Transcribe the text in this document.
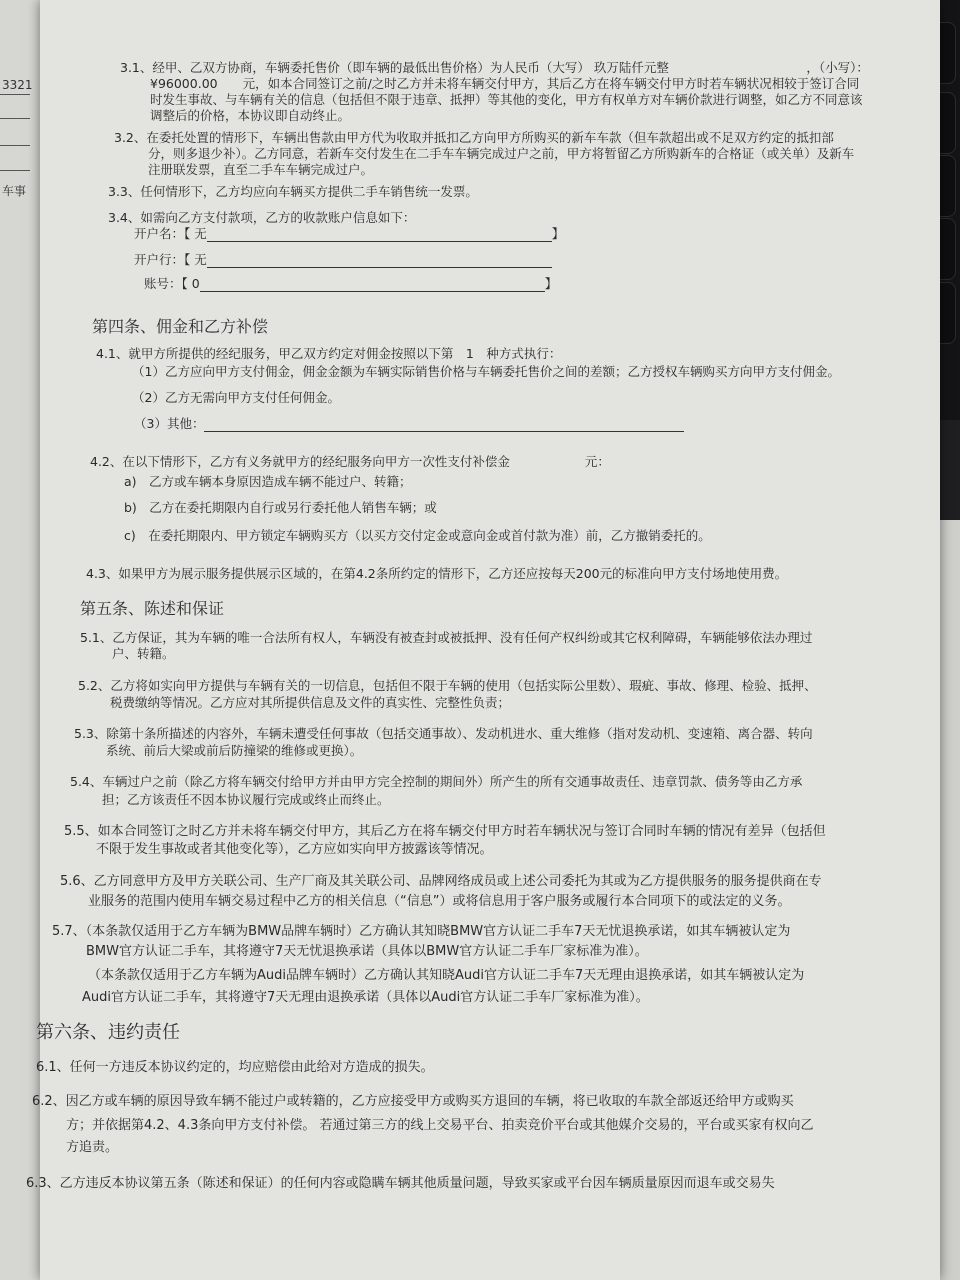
3321
车事
3.1、经甲、乙双方协商，车辆委托售价（即车辆的最低出售价格）为人民币（大写） 玖万陆仟元整　　　　　　　　　　　，（小写）：
¥96000.00　　元，如本合同签订之前/之时乙方并未将车辆交付甲方，其后乙方在将车辆交付甲方时若车辆状况相较于签订合同
时发生事故、与车辆有关的信息（包括但不限于违章、抵押）等其他的变化，甲方有权单方对车辆价款进行调整，如乙方不同意该
调整后的价格，本协议即自动终止。
3.2、在委托处置的情形下，车辆出售款由甲方代为收取并抵扣乙方向甲方所购买的新车车款（但车款超出或不足双方约定的抵扣部
分，则多退少补）。乙方同意，若新车交付发生在二手车车辆完成过户之前，甲方将暂留乙方所购新车的合格证（或关单）及新车
注册联发票，直至二手车车辆完成过户。
3.3、任何情形下，乙方均应向车辆买方提供二手车销售统一发票。
3.4、如需向乙方支付款项，乙方的收款账户信息如下：
开户名：【 无	】
开户行：【 无
账号：【 0	】
第四条、佣金和乙方补偿
4.1、就甲方所提供的经纪服务，甲乙双方约定对佣金按照以下第　1　种方式执行：
（1）乙方应向甲方支付佣金，佣金金额为车辆实际销售价格与车辆委托售价之间的差额；乙方授权车辆购买方向甲方支付佣金。
（2）乙方无需向甲方支付任何佣金。
（3）其他：
4.2、在以下情形下，乙方有义务就甲方的经纪服务向甲方一次性支付补偿金　　　　　　元：
a)　乙方或车辆本身原因造成车辆不能过户、转籍；
b)　乙方在委托期限内自行或另行委托他人销售车辆；或
c)　在委托期限内、甲方锁定车辆购买方（以买方交付定金或意向金或首付款为准）前，乙方撤销委托的。
4.3、如果甲方为展示服务提供展示区域的，在第4.2条所约定的情形下，乙方还应按每天200元的标准向甲方支付场地使用费。
第五条、陈述和保证
5.1、乙方保证，其为车辆的唯一合法所有权人，车辆没有被查封或被抵押、没有任何产权纠纷或其它权利障碍，车辆能够依法办理过
户、转籍。
5.2、乙方将如实向甲方提供与车辆有关的一切信息，包括但不限于车辆的使用（包括实际公里数）、瑕疵、事故、修理、检验、抵押、
税费缴纳等情况。乙方应对其所提供信息及文件的真实性、完整性负责；
5.3、除第十条所描述的内容外，车辆未遭受任何事故（包括交通事故）、发动机进水、重大维修（指对发动机、变速箱、离合器、转向
系统、前后大梁或前后防撞梁的维修或更换）。
5.4、车辆过户之前（除乙方将车辆交付给甲方并由甲方完全控制的期间外）所产生的所有交通事故责任、违章罚款、债务等由乙方承
担；乙方该责任不因本协议履行完成或终止而终止。
5.5、如本合同签订之时乙方并未将车辆交付甲方，其后乙方在将车辆交付甲方时若车辆状况与签订合同时车辆的情况有差异（包括但
不限于发生事故或者其他变化等），乙方应如实向甲方披露该等情况。
5.6、乙方同意甲方及甲方关联公司、生产厂商及其关联公司、品牌网络成员或上述公司委托为其或为乙方提供服务的服务提供商在专
业服务的范围内使用车辆交易过程中乙方的相关信息（“信息”）或将信息用于客户服务或履行本合同项下的或法定的义务。
5.7、（本条款仅适用于乙方车辆为BMW品牌车辆时）乙方确认其知晓BMW官方认证二手车7天无忧退换承诺，如其车辆被认定为
BMW官方认证二手车，其将遵守7天无忧退换承诺（具体以BMW官方认证二手车厂家标准为准）。
（本条款仅适用于乙方车辆为Audi品牌车辆时）乙方确认其知晓Audi官方认证二手车7天无理由退换承诺，如其车辆被认定为
Audi官方认证二手车，其将遵守7天无理由退换承诺（具体以Audi官方认证二手车厂家标准为准）。
第六条、违约责任
6.1、任何一方违反本协议约定的，均应赔偿由此给对方造成的损失。
6.2、因乙方或车辆的原因导致车辆不能过户或转籍的，乙方应接受甲方或购买方退回的车辆，将已收取的车款全部返还给甲方或购买
方；并依据第4.2、4.3条向甲方支付补偿。 若通过第三方的线上交易平台、拍卖竞价平台或其他媒介交易的，平台或买家有权向乙
方追责。
6.3、乙方违反本协议第五条（陈述和保证）的任何内容或隐瞒车辆其他质量问题，导致买家或平台因车辆质量原因而退车或交易失
